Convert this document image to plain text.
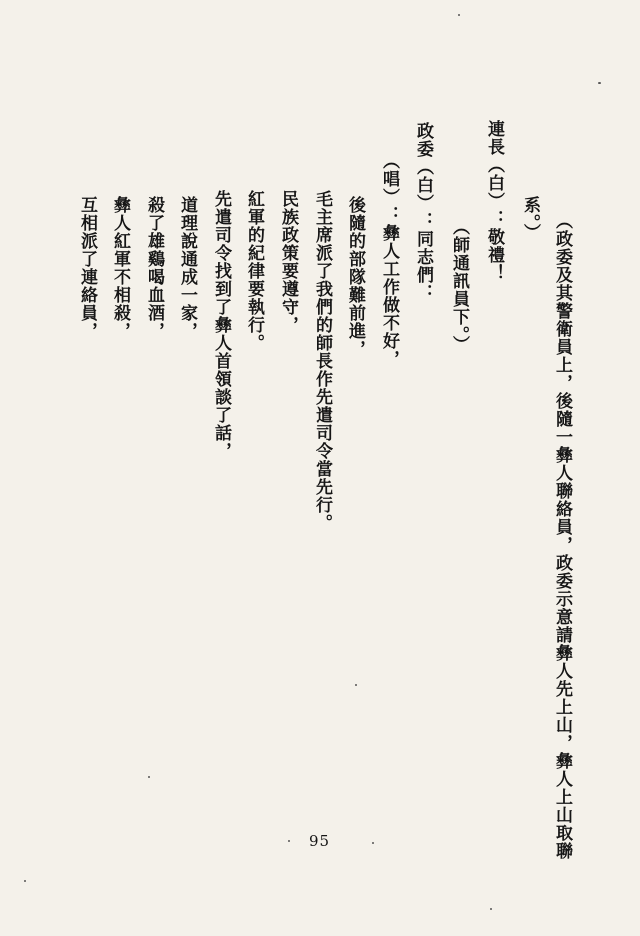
（政委及其警衛員上，後隨一彝人聯絡員，政委示意請彝人先上山，彝人上山取聯
系。）
連長（白）：敬禮！
（師通訊員下。）
政委（白）：同志們：
（唱）：彝人工作做不好，
後隨的部隊難前進，
毛主席派了我們的師長作先遣司令當先行。
民族政策要遵守，
紅軍的紀律要執行。
先遣司令找到了彝人首領談了話，
道理說通成一家，
殺了雄鷄喝血酒，
彝人紅軍不相殺，
互相派了連絡員，
95
